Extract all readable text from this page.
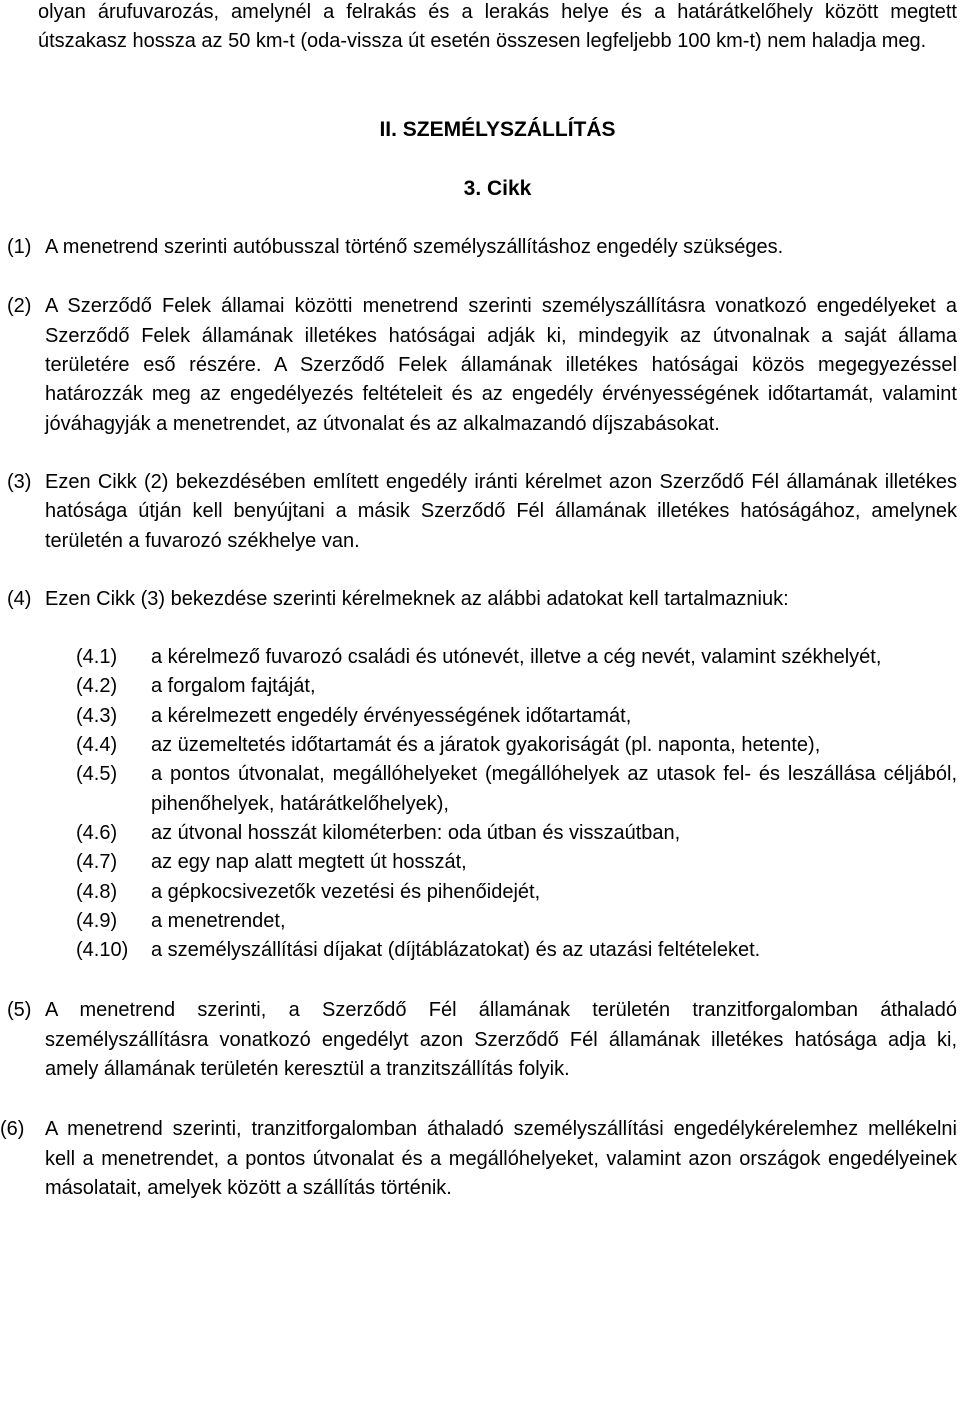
olyan árufuvarozás, amelynél a felrakás és a lerakás helye és a határátkelőhely között megtett útszakasz hossza az 50 km-t (oda-vissza út esetén összesen legfeljebb 100 km-t) nem haladja meg.
II. SZEMÉLYSZÁLLÍTÁS
3. Cikk
(1) A menetrend szerinti autóbusszal történő személyszállításhoz engedély szükséges.
(2) A Szerződő Felek államai közötti menetrend szerinti személyszállításra vonatkozó engedélyeket a Szerződő Felek államának illetékes hatóságai adják ki, mindegyik az útvonalnak a saját állama területére eső részére. A Szerződő Felek államának illetékes hatóságai közös megegyezéssel határozzák meg az engedélyezés feltételeit és az engedély érvényességének időtartamát, valamint jóváhagyják a menetrendet, az útvonalat és az alkalmazandó díjszabásokat.
(3) Ezen Cikk (2) bekezdésében említett engedély iránti kérelmet azon Szerződő Fél államának illetékes hatósága útján kell benyújtani a másik Szerződő Fél államának illetékes hatóságához, amelynek területén a fuvarozó székhelye van.
(4) Ezen Cikk (3) bekezdése szerinti kérelmeknek az alábbi adatokat kell tartalmazniuk:
(4.1)	a kérelmező fuvarozó családi és utónevét, illetve a cég nevét, valamint székhelyét,
(4.2)	a forgalom fajtáját,
(4.3)	a kérelmezett engedély érvényességének időtartamát,
(4.4)	az üzemeltetés időtartamát és a járatok gyakoriságát (pl. naponta, hetente),
(4.5)	a pontos útvonalat, megállóhelyeket (megállóhelyek az utasok fel- és leszállása céljából, pihenőhelyek, határátkelőhelyek),
(4.6)	az útvonal hosszát kilométerben: oda útban és visszaútban,
(4.7)	az egy nap alatt megtett út hosszát,
(4.8)	a gépkocsivezetők vezetési és pihenőidejét,
(4.9)	a menetrendet,
(4.10)	a személyszállítási díjakat (díjtáblázatokat) és az utazási feltételeket.
(5) A menetrend szerinti, a Szerződő Fél államának területén tranzitforgalomban áthaladó személyszállításra vonatkozó engedélyt azon Szerződő Fél államának illetékes hatósága adja ki, amely államának területén keresztül a tranzitszállítás folyik.
(6)	A menetrend szerinti, tranzitforgalomban áthaladó személyszállítási engedélykérelemhez mellékelni kell a menetrendet, a pontos útvonalat és a megállóhelyeket, valamint azon országok engedélyeinek másolatait, amelyek között a szállítás történik.
